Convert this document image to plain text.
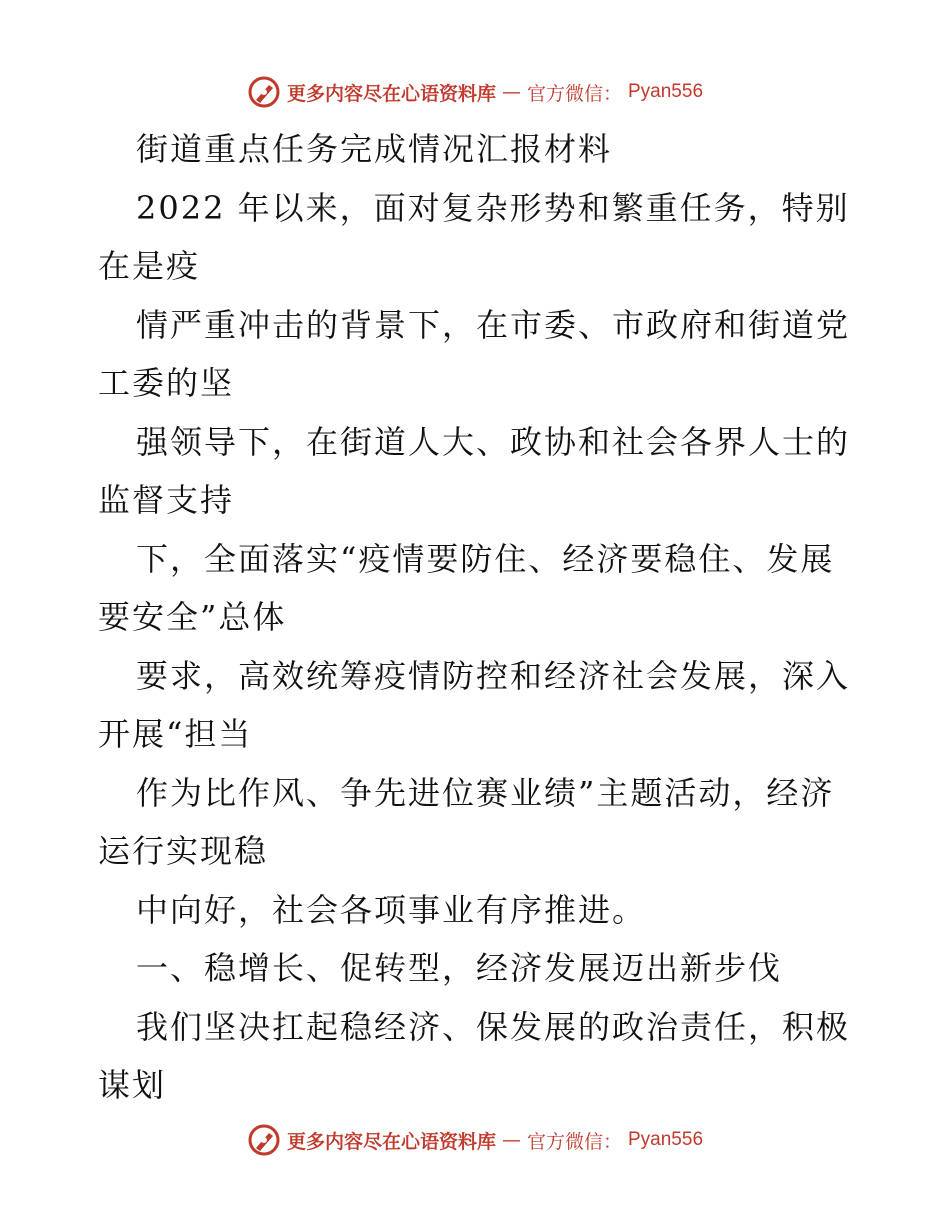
更多内容尽在心语资料库 — 官方微信： Pyan556
街道重点任务完成情况汇报材料
2022 年以来，面对复杂形势和繁重任务，特别
在是疫
情严重冲击的背景下，在市委、市政府和街道党
工委的坚
强领导下，在街道人大、政协和社会各界人士的
监督支持
下，全面落实“疫情要防住、经济要稳住、发展
要安全”总体
要求，高效统筹疫情防控和经济社会发展，深入
开展“担当
作为比作风、争先进位赛业绩”主题活动，经济
运行实现稳
中向好，社会各项事业有序推进。
一、稳增长、促转型，经济发展迈出新步伐
我们坚决扛起稳经济、保发展的政治责任，积极
谋划
更多内容尽在心语资料库 — 官方微信： Pyan556
